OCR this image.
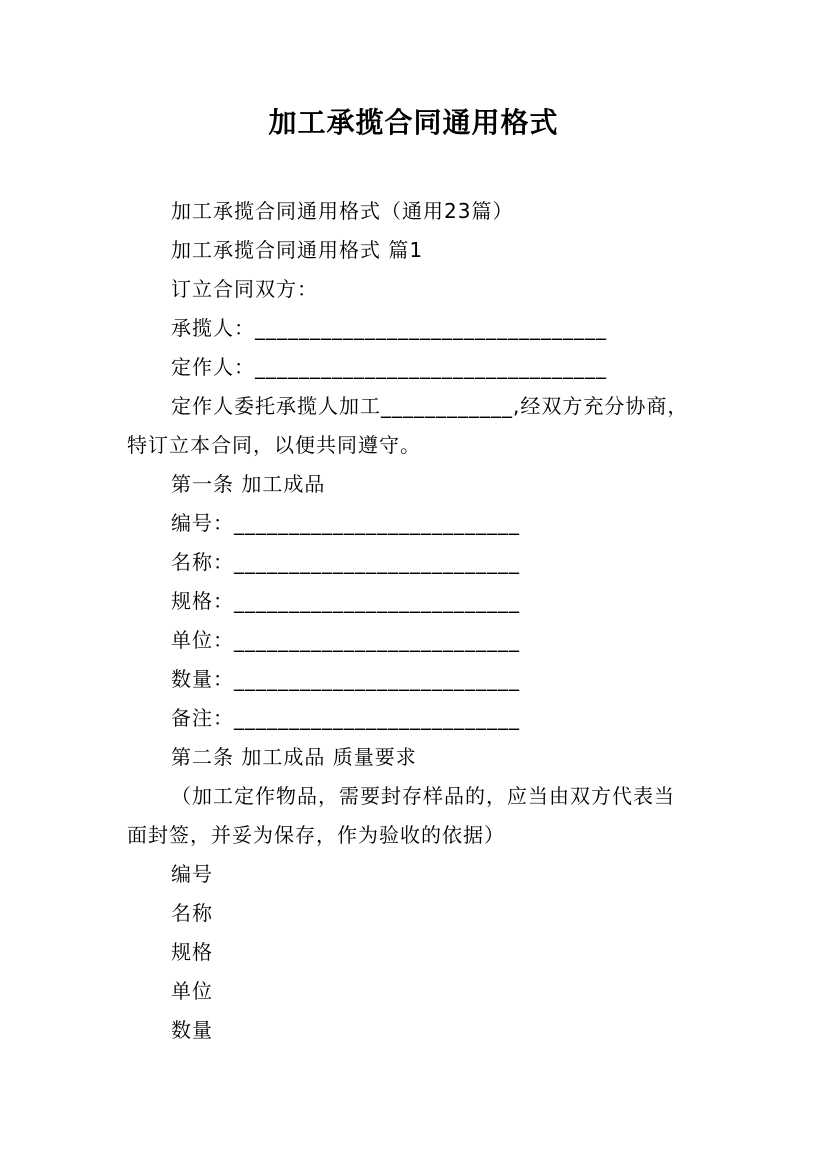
加工承揽合同通用格式
加工承揽合同通用格式（通用23篇）
加工承揽合同通用格式 篇1
订立合同双方：
承揽人：________________________________
定作人：________________________________
定作人委托承揽人加工____________,经双方充分协商，
特订立本合同，以便共同遵守。
第一条 加工成品
编号：__________________________
名称：__________________________
规格：__________________________
单位：__________________________
数量：__________________________
备注：__________________________
第二条 加工成品 质量要求
（加工定作物品，需要封存样品的，应当由双方代表当
面封签，并妥为保存，作为验收的依据）
编号
名称
规格
单位
数量
